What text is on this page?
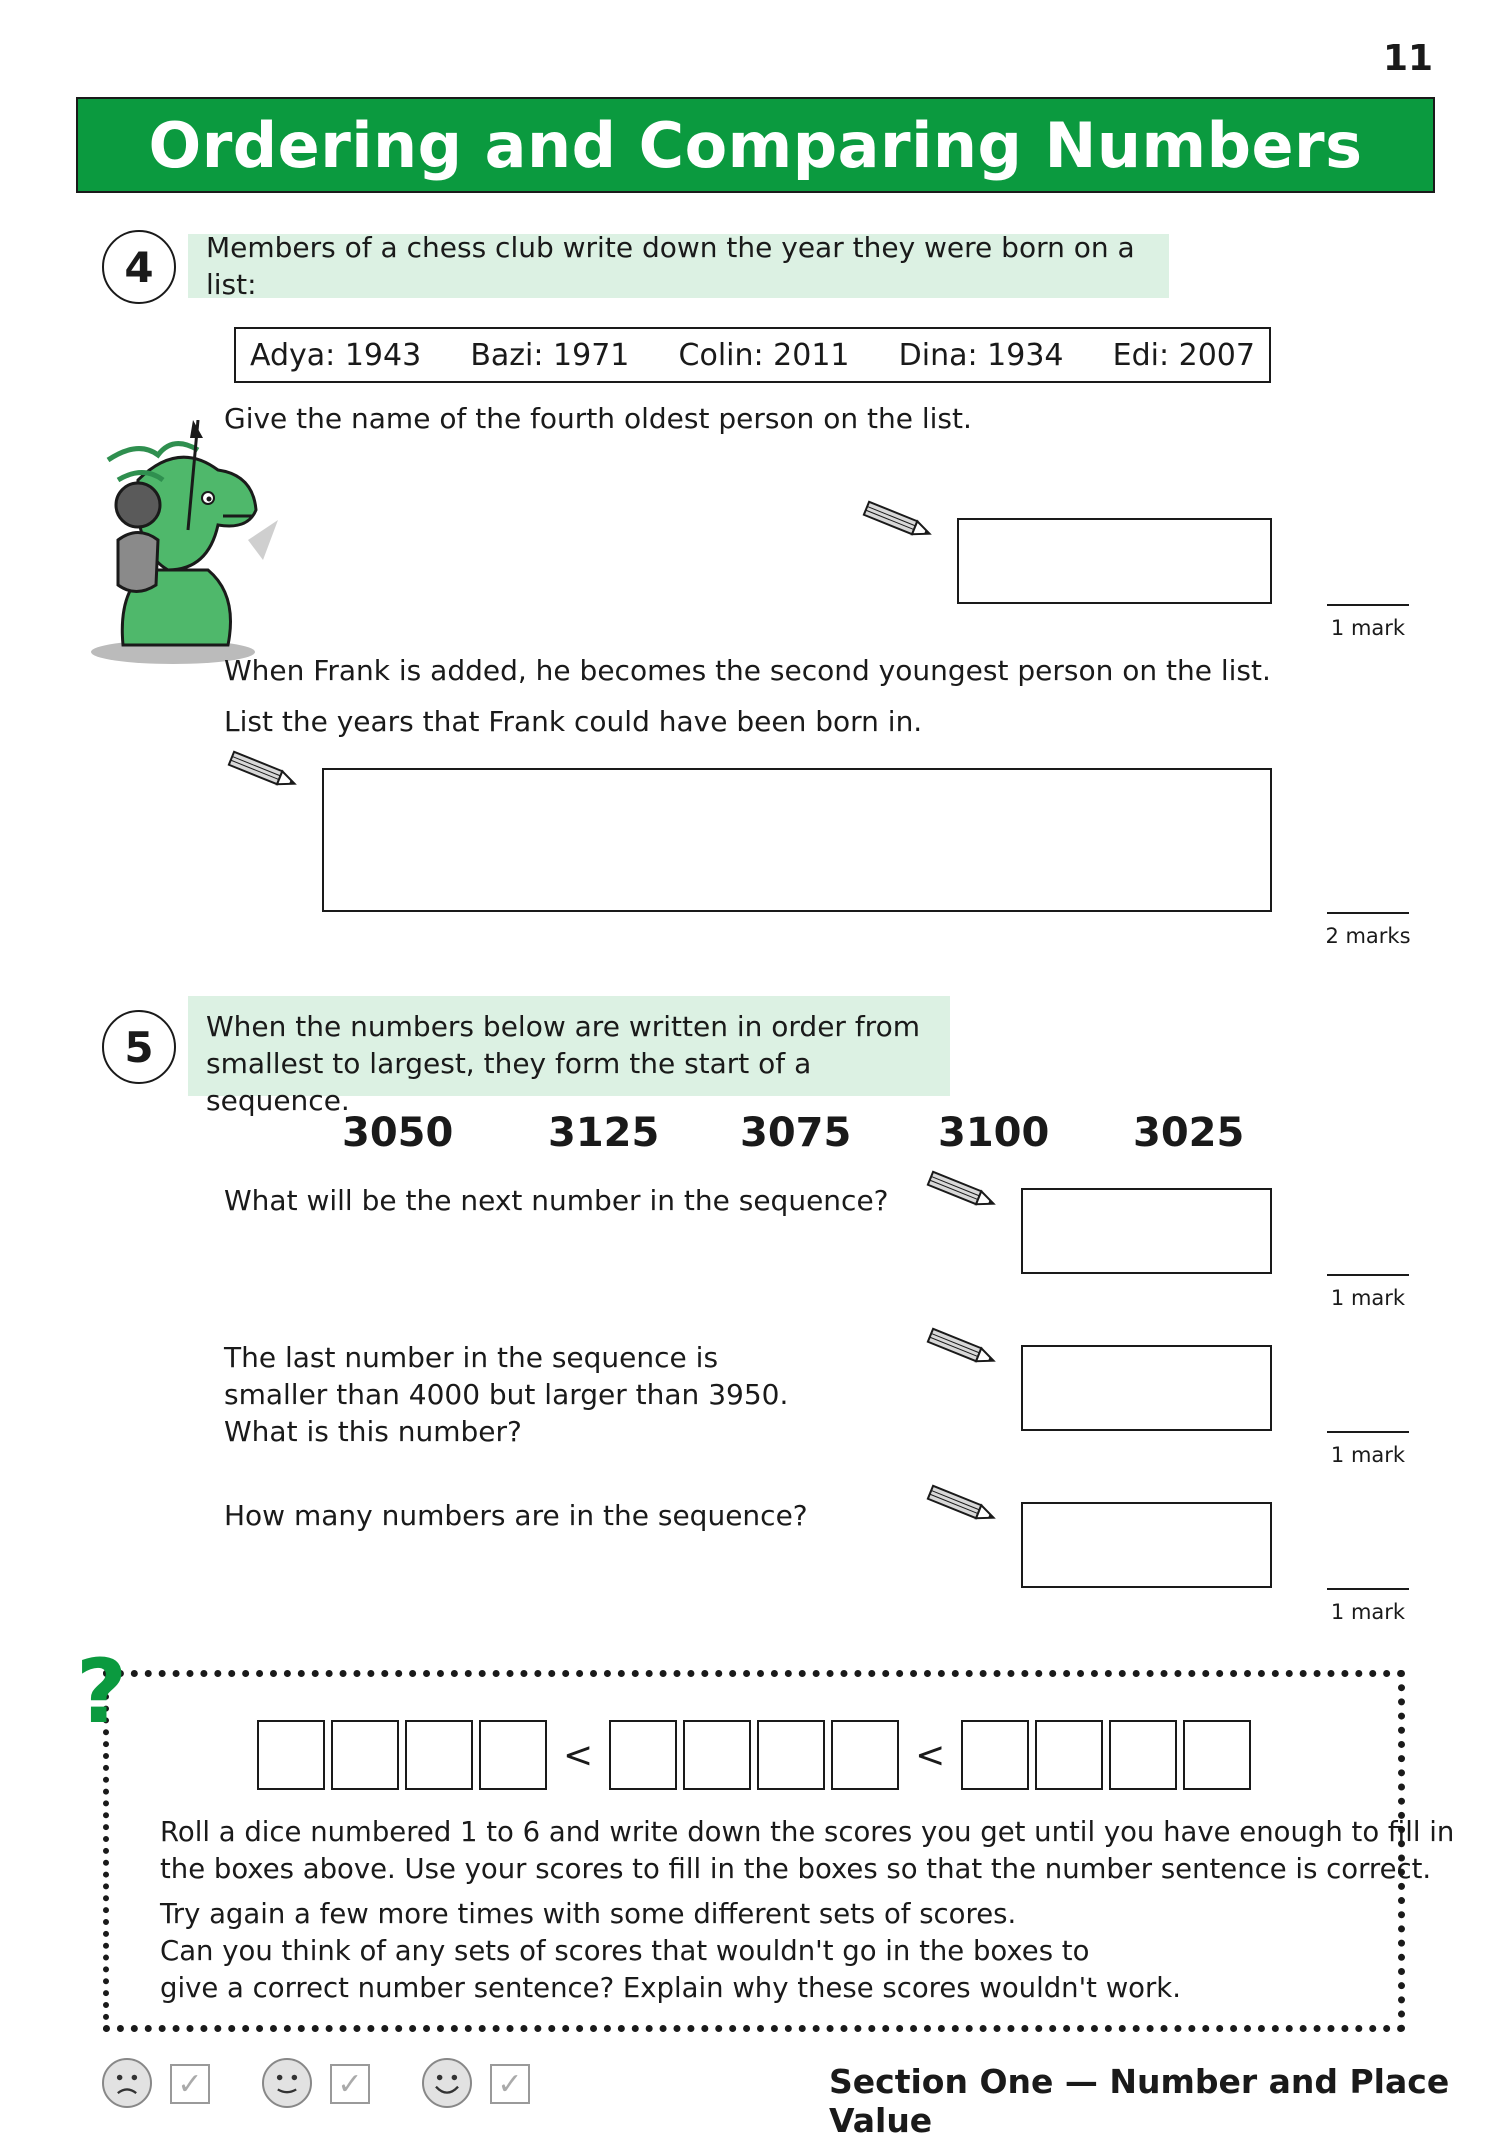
11
Ordering and Comparing Numbers
4	Members of a chess club write down the year they were born on a list:
Adya: 1943 Bazi: 1971 Colin: 2011 Dina: 1934 Edi: 2007
Give the name of the fourth oldest person on the list.
1 mark
When Frank is added, he becomes the second youngest person on the list.
List the years that Frank could have been born in.
2 marks
5	When the numbers below are written in order from
smallest to largest, they form the start of a sequence.
3050 3125 3075 3100 3025
What will be the next number in the sequence?
1 mark
The last number in the sequence is
smaller than 4000 but larger than 3950.
What is this number?
1 mark
How many numbers are in the sequence?
1 mark
?
<	<
Roll a dice numbered 1 to 6 and write down the scores you get until you have enough to fill in
the boxes above. Use your scores to fill in the boxes so that the number sentence is correct.
Try again a few more times with some different sets of scores.
Can you think of any sets of scores that wouldn't go in the boxes to
give a correct number sentence? Explain why these scores wouldn't work.
✓	✓	✓	Section One — Number and Place Value
